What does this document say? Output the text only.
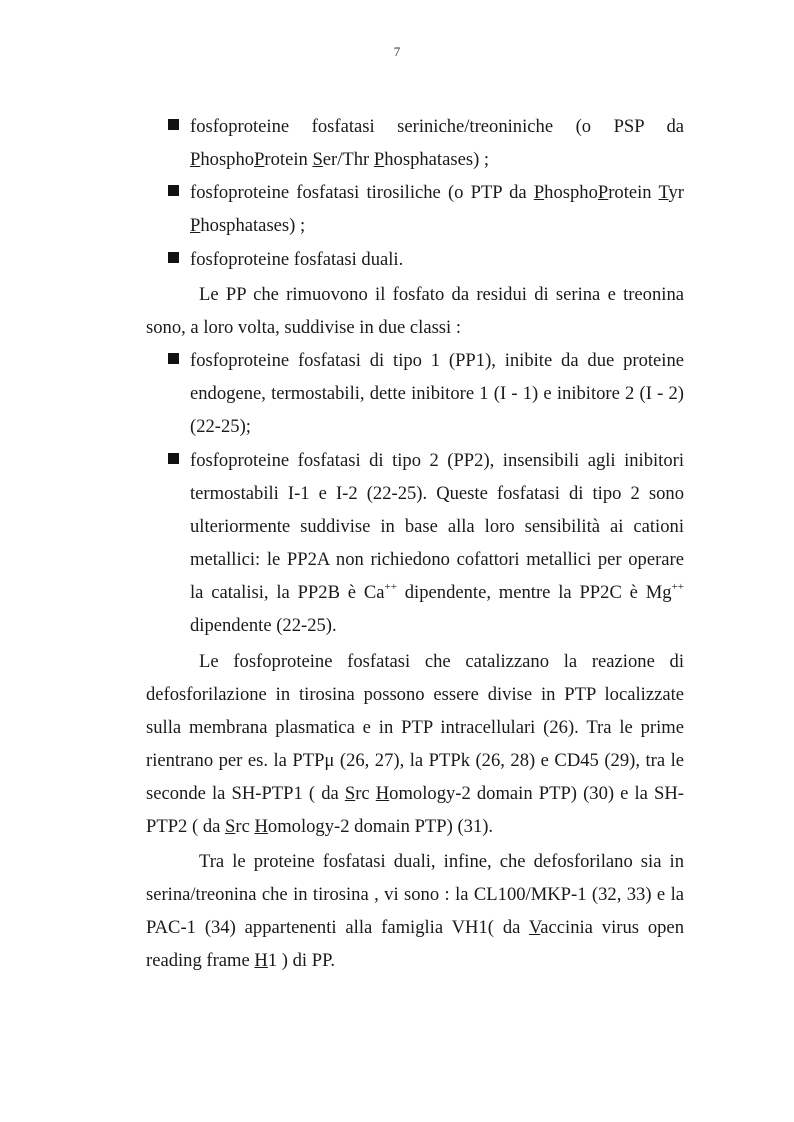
7
fosfoproteine fosfatasi seriniche/treoniniche (o PSP da
PhosphoProtein Ser/Thr Phosphatases) ;
fosfoproteine fosfatasi tirosiliche (o PTP da PhosphoProtein Tyr
Phosphatases) ;
fosfoproteine fosfatasi duali.
Le PP che rimuovono il fosfato da residui di serina e treonina
sono, a loro volta, suddivise in due classi :
fosfoproteine fosfatasi di tipo 1 (PP1), inibite da due proteine
endogene, termostabili, dette inibitore 1 (I - 1) e inibitore 2 (I - 2)
(22-25);
fosfoproteine fosfatasi di tipo 2 (PP2), insensibili agli inibitori
termostabili I-1 e I-2 (22-25). Queste fosfatasi di tipo 2 sono
ulteriormente suddivise in base alla loro sensibilità ai cationi
metallici: le PP2A non richiedono cofattori metallici per operare
la catalisi, la PP2B è Ca++ dipendente, mentre la PP2C è Mg++
dipendente (22-25).
Le fosfoproteine fosfatasi che catalizzano la reazione di
defosforilazione in tirosina possono essere divise in PTP localizzate
sulla membrana plasmatica e in PTP intracellulari (26). Tra le prime
rientrano per es. la PTPμ (26, 27), la PTPk (26, 28) e CD45 (29), tra le
seconde la SH-PTP1 ( da Src Homology-2 domain PTP) (30) e la SH-
PTP2 ( da Src Homology-2 domain PTP) (31).
Tra le proteine fosfatasi duali, infine, che defosforilano sia in
serina/treonina che in tirosina , vi sono : la CL100/MKP-1 (32, 33) e la
PAC-1 (34) appartenenti alla famiglia VH1( da Vaccinia virus open
reading frame H1 ) di PP.
